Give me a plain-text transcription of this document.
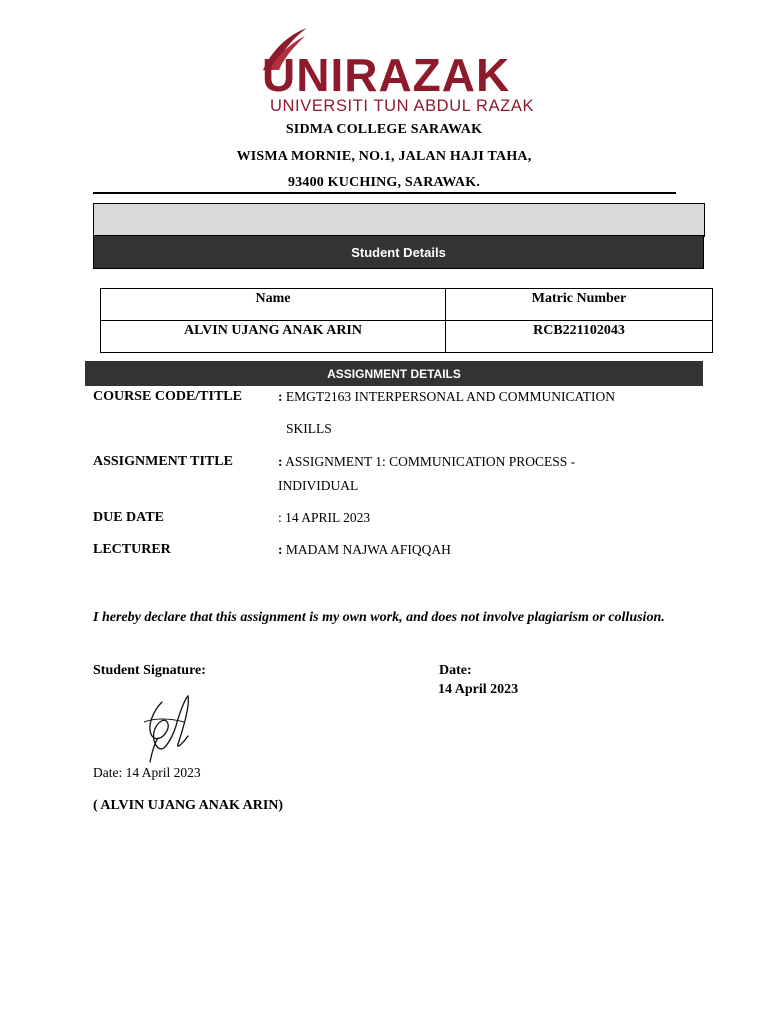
UNIRAZAK
UNIVERSITI TUN ABDUL RAZAK
SIDMA COLLEGE SARAWAK
WISMA MORNIE, NO.1, JALAN HAJI TAHA,
93400 KUCHING, SARAWAK.
Student Details
Name	Matric Number
ALVIN UJANG ANAK ARIN	RCB221102043
ASSIGNMENT DETAILS
COURSE CODE/TITLE	: EMGT2163 INTERPERSONAL AND COMMUNICATION
SKILLS
ASSIGNMENT TITLE	: ASSIGNMENT 1: COMMUNICATION PROCESS -
INDIVIDUAL
DUE DATE	: 14 APRIL 2023
LECTURER	: MADAM NAJWA AFIQQAH
I hereby declare that this assignment is my own work, and does not involve plagiarism or collusion.
Student Signature:	Date:
14 April 2023
Date: 14 April 2023
( ALVIN UJANG ANAK ARIN)
